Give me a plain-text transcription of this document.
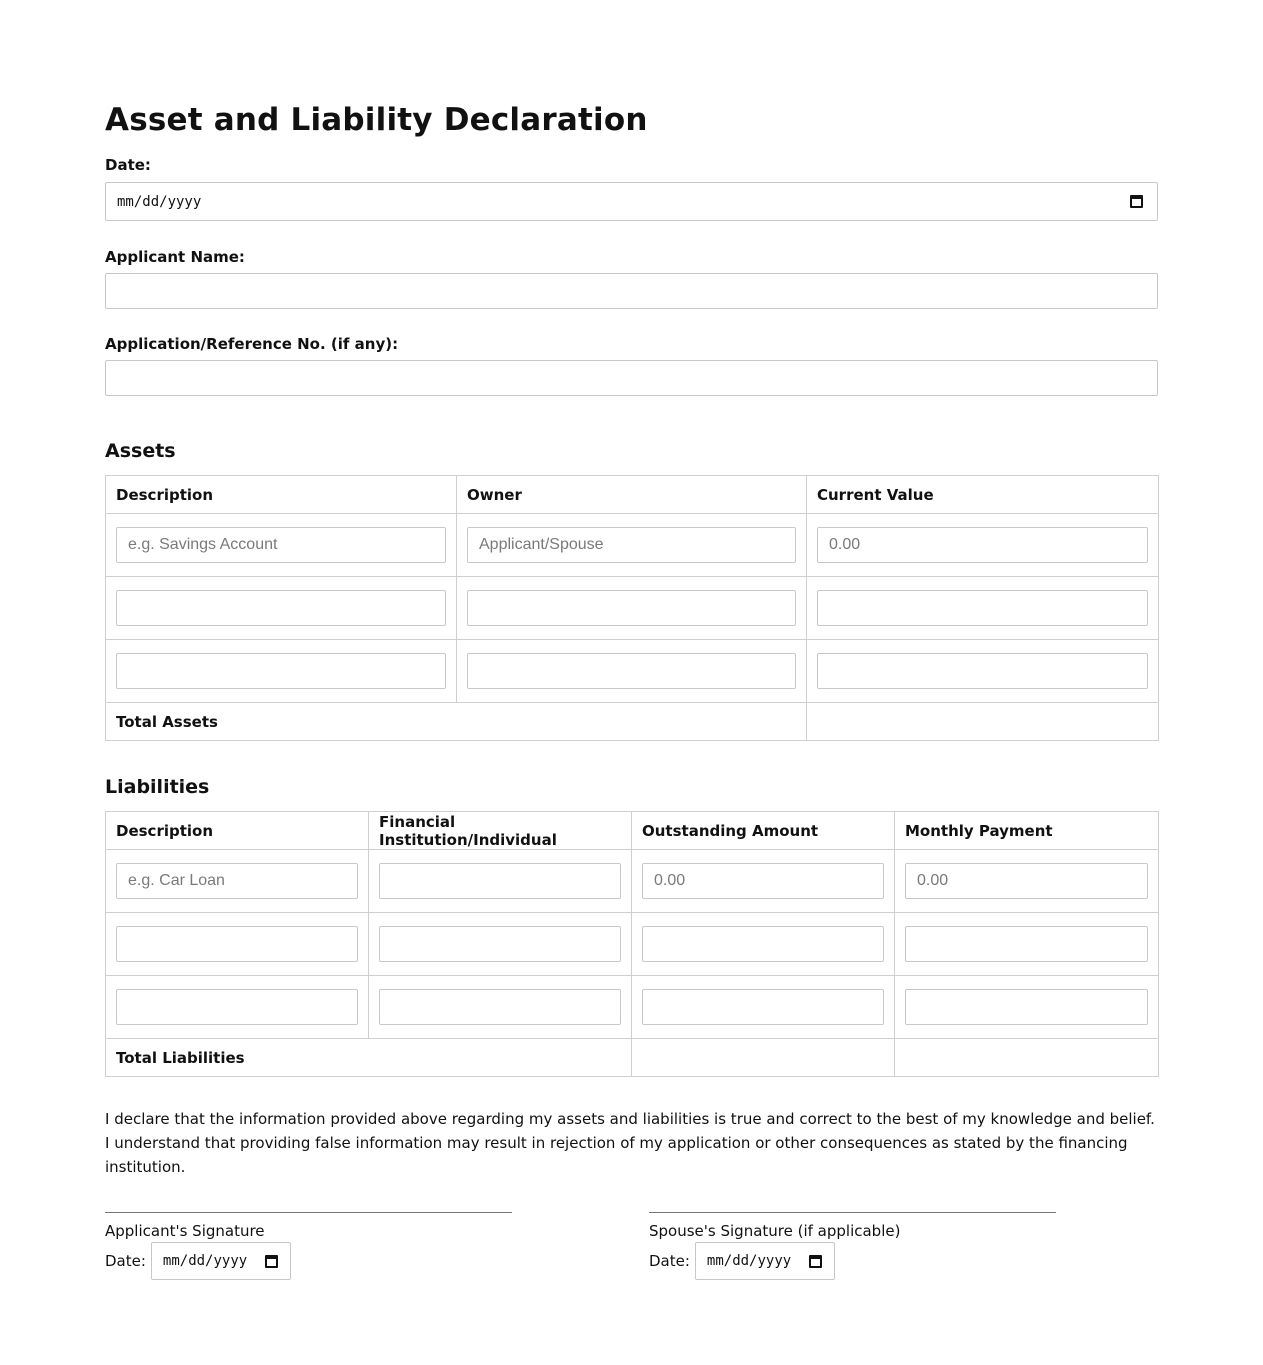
Asset and Liability Declaration
Date:
mm/dd/yyyy
Applicant Name:
Application/Reference No. (if any):
Assets
Description	Owner	Current Value

e.g. Savings Account	Applicant/Spouse	0.00

Total Assets		
Liabilities
Description	Financial Institution/Individual	Outstanding Amount	Monthly Payment

e.g. Car Loan		0.00	0.00

Total Liabilities			

I declare that the information provided above regarding my assets and liabilities is true and correct to the best of my knowledge and belief. I understand that providing false information may result in rejection of my application or other consequences as stated by the financing institution.

Applicant's Signature
Date: mm/dd/yyyy
Spouse's Signature (if applicable)
Date: mm/dd/yyyy
